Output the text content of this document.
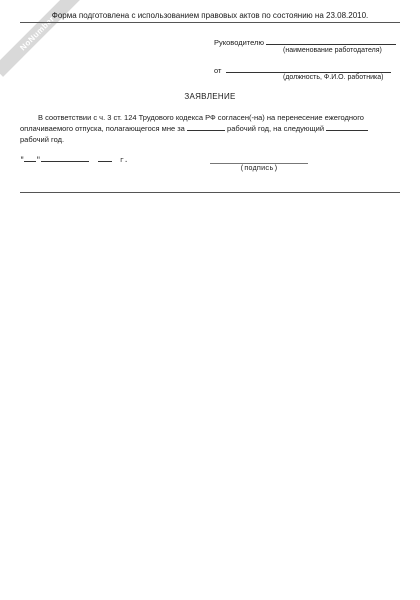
NoNumber
Форма подготовлена с использованием правовых актов по состоянию на 23.08.2010.
Руководителю
(наименование работодателя)
от
(должность, Ф.И.О. работника)
ЗАЯВЛЕНИЕ
В соответствии с ч. 3 ст. 124 Трудового кодекса РФ согласен(-на) на перенесение ежегодного
оплачиваемого отпуска, полагающегося мне за	рабочий год, на следующий
рабочий год.
" "	г.
(подпись)
